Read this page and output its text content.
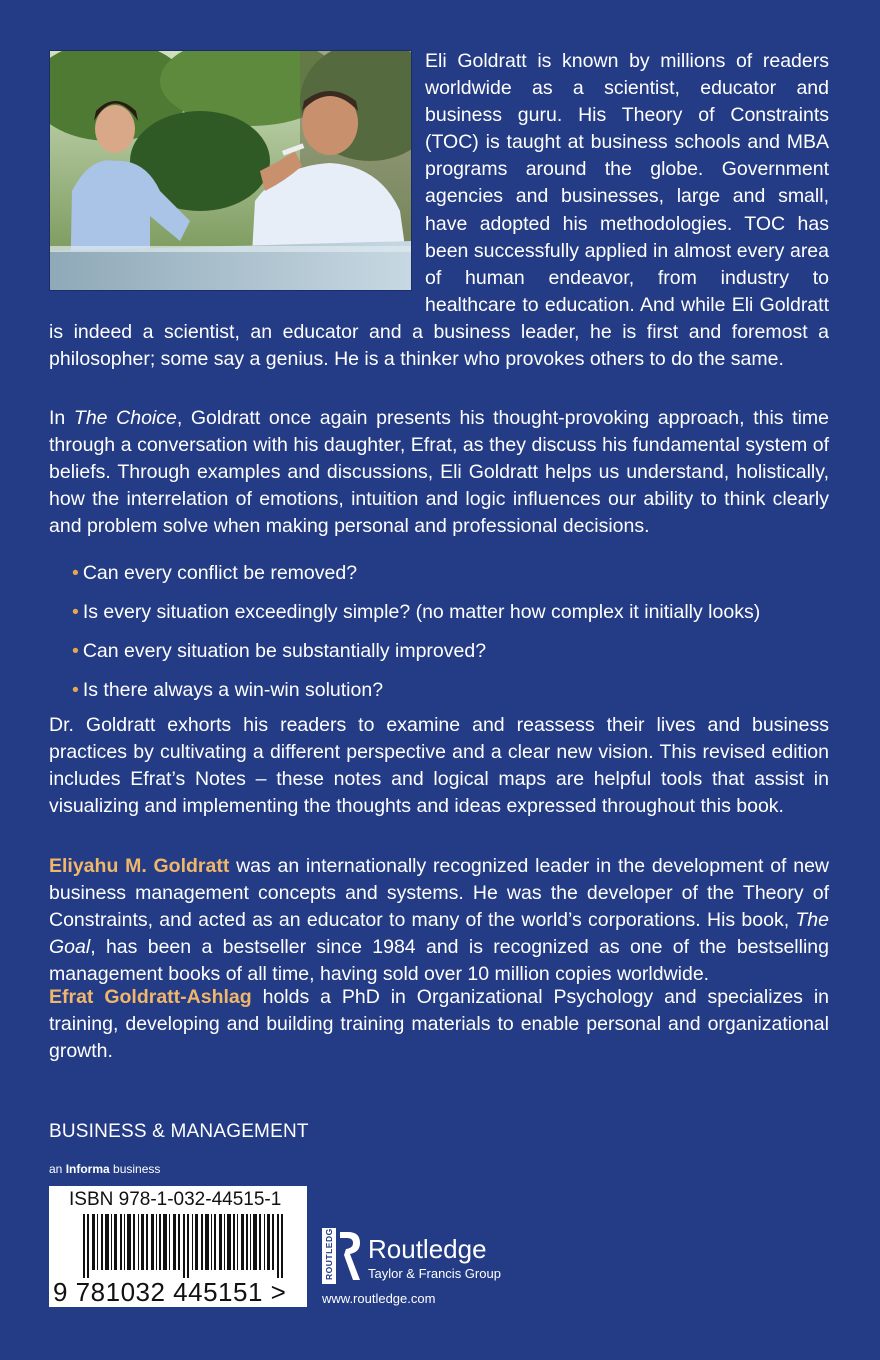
Eli Goldratt is known by millions of readers worldwide as a scientist, educator and business guru. His Theory of Constraints (TOC) is taught at business schools and MBA programs around the globe. Government agencies and businesses, large and small, have adopted his methodologies. TOC has been successfully applied in almost every area of human endeavor, from industry to healthcare to education. And while Eli Goldratt is indeed a scientist, an educator and a business leader, he is first and foremost a philosopher; some say a genius. He is a thinker who provokes others to do the same.

In The Choice, Goldratt once again presents his thought-provoking approach, this time through a conversation with his daughter, Efrat, as they discuss his fundamental system of beliefs. Through examples and discussions, Eli Goldratt helps us understand, holistically, how the interrelation of emotions, intuition and logic influences our ability to think clearly and problem solve when making personal and professional decisions.

• Can every conflict be removed?
• Is every situation exceedingly simple? (no matter how complex it initially looks)
• Can every situation be substantially improved?
• Is there always a win-win solution?

Dr. Goldratt exhorts his readers to examine and reassess their lives and business practices by cultivating a different perspective and a clear new vision. This revised edition includes Efrat’s Notes – these notes and logical maps are helpful tools that assist in visualizing and implementing the thoughts and ideas expressed throughout this book.

Eliyahu M. Goldratt was an internationally recognized leader in the development of new business management concepts and systems. He was the developer of the Theory of Constraints, and acted as an educator to many of the world’s corporations. His book, The Goal, has been a bestseller since 1984 and is recognized as one of the bestselling management books of all time, having sold over 10 million copies worldwide.

Efrat Goldratt-Ashlag holds a PhD in Organizational Psychology and specializes in training, developing and building training materials to enable personal and organizational growth.

BUSINESS & MANAGEMENT
an Informa business
ISBN 978-1-032-44515-1
9 781032 445151 >
ROUTLEDGE Routledge
Taylor & Francis Group
www.routledge.com
